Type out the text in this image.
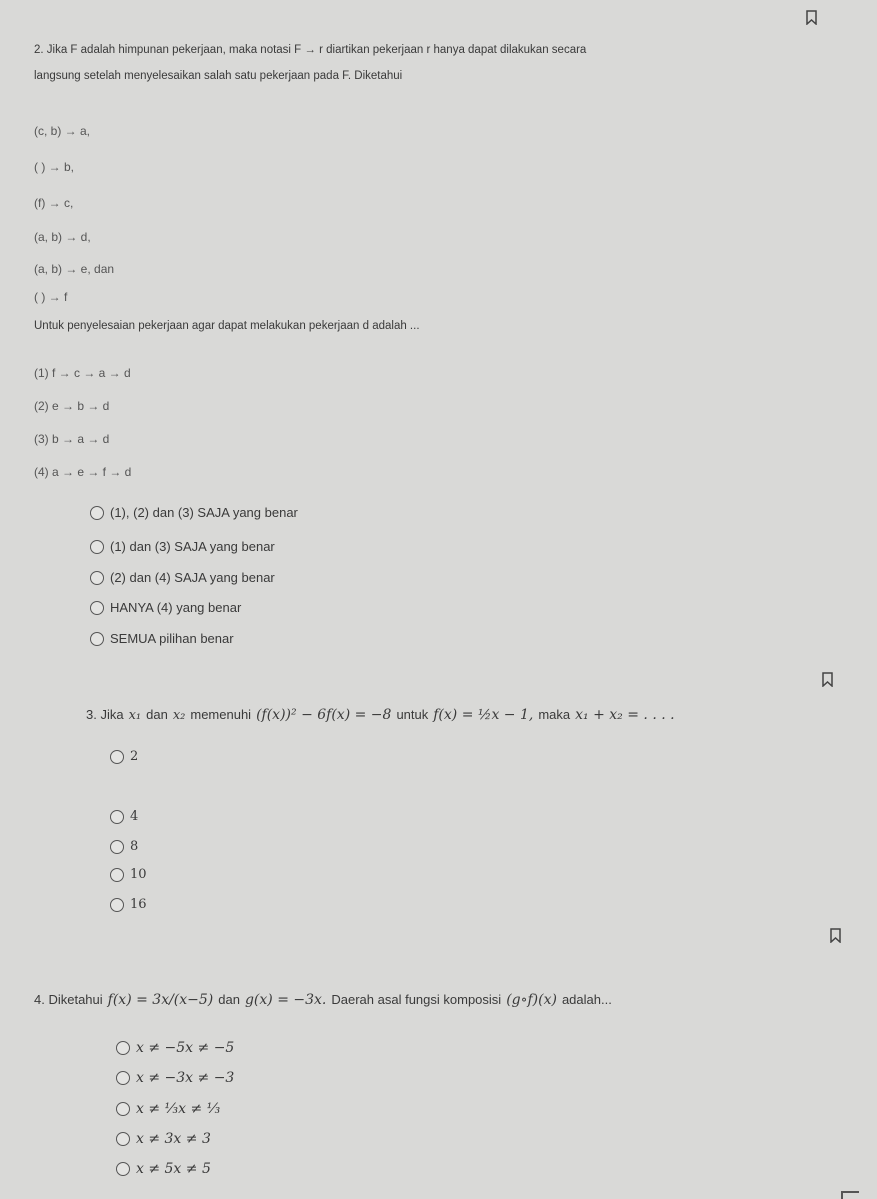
2. Jika F adalah himpunan pekerjaan, maka notasi F → r diartikan pekerjaan r hanya dapat dilakukan secara
langsung setelah menyelesaikan salah satu pekerjaan pada F. Diketahui
(c, b) → a,
( ) → b,
(f) → c,
(a, b) → d,
(a, b) → e, dan
( ) → f
Untuk penyelesaian pekerjaan agar dapat melakukan pekerjaan d adalah ...
(1) f → c → a → d
(2) e → b → d
(3) b → a → d
(4) a → e → f → d
(1), (2) dan (3) SAJA yang benar
(1) dan (3) SAJA yang benar
(2) dan (4) SAJA yang benar
HANYA (4) yang benar
SEMUA pilihan benar
3. Jika x₁ dan x₂ memenuhi (f(x))² − 6f(x) = −8 untuk f(x) = ½x − 1, maka x₁ + x₂ = . . . .
2
4
8
10
16
4. Diketahui f(x) = 3x/(x−5) dan g(x) = −3x. Daerah asal fungsi komposisi (g∘f)(x) adalah...
x ≠ −5x ≠ −5
x ≠ −3x ≠ −3
x ≠ ⅓x ≠ ⅓
x ≠ 3x ≠ 3
x ≠ 5x ≠ 5
